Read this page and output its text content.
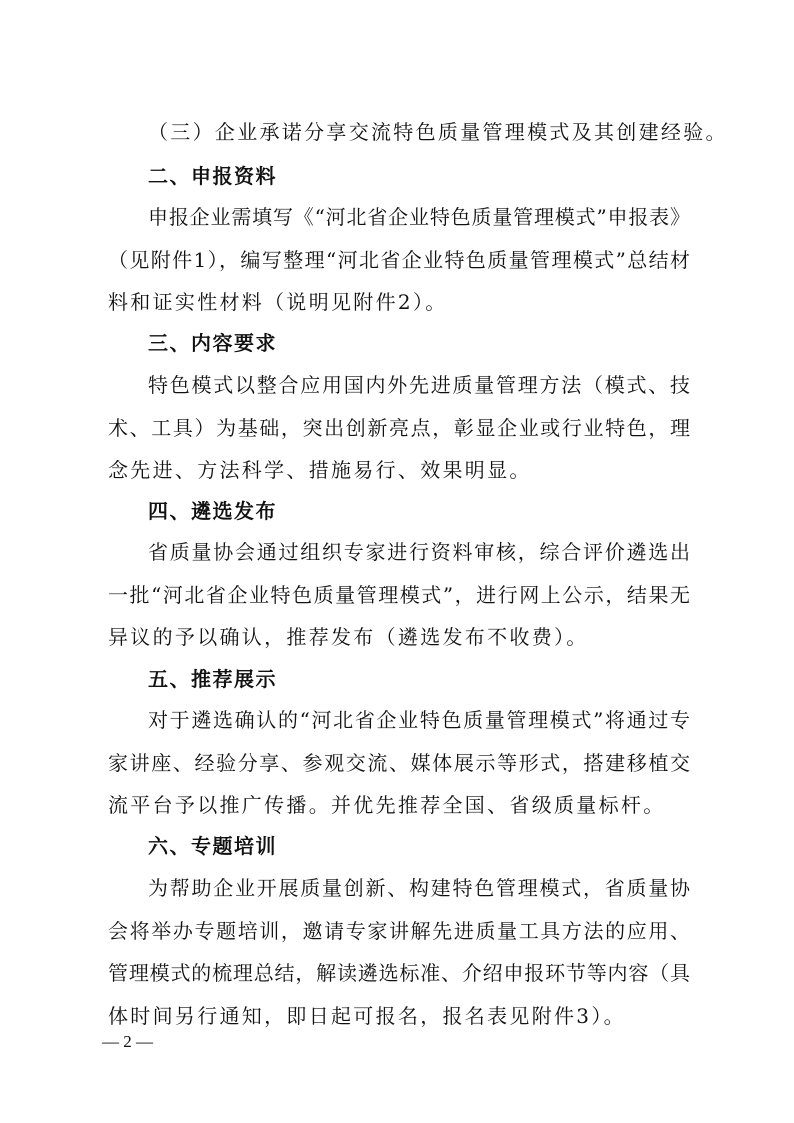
（三）企业承诺分享交流特色质量管理模式及其创建经验。
二、申报资料
申报企业需填写《“河北省企业特色质量管理模式”申报表》
（见附件1），编写整理“河北省企业特色质量管理模式”总结材
料和证实性材料（说明见附件2）。
三、内容要求
特色模式以整合应用国内外先进质量管理方法（模式、技
术、工具）为基础，突出创新亮点，彰显企业或行业特色，理
念先进、方法科学、措施易行、效果明显。
四、遴选发布
省质量协会通过组织专家进行资料审核，综合评价遴选出
一批“河北省企业特色质量管理模式”，进行网上公示，结果无
异议的予以确认，推荐发布（遴选发布不收费）。
五、推荐展示
对于遴选确认的“河北省企业特色质量管理模式”将通过专
家讲座、经验分享、参观交流、媒体展示等形式，搭建移植交
流平台予以推广传播。并优先推荐全国、省级质量标杆。
六、专题培训
为帮助企业开展质量创新、构建特色管理模式，省质量协
会将举办专题培训，邀请专家讲解先进质量工具方法的应用、
管理模式的梳理总结，解读遴选标准、介绍申报环节等内容（具
体时间另行通知，即日起可报名，报名表见附件3）。
— 2 —
